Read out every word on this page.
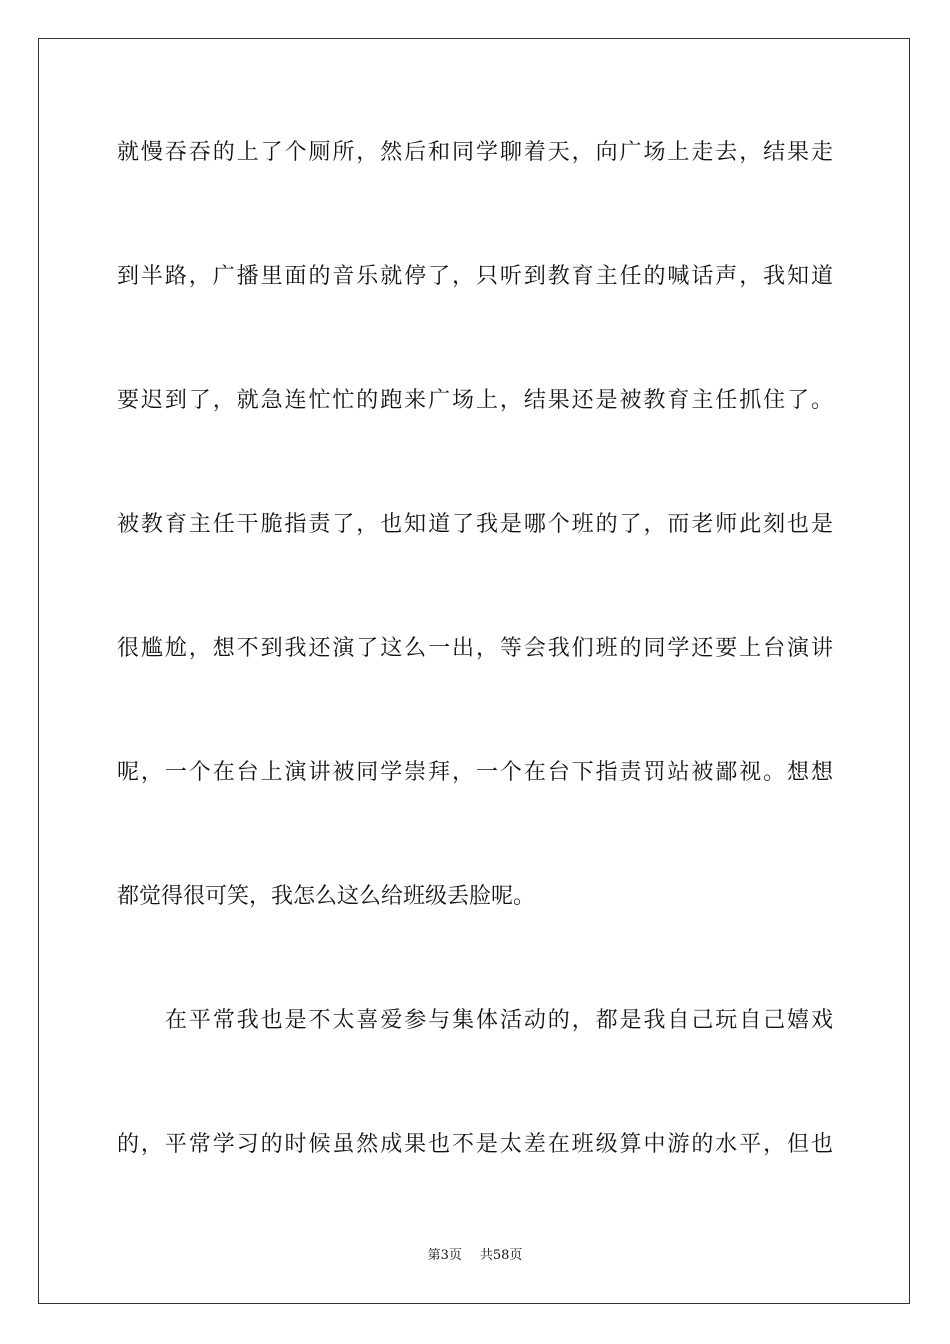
就慢吞吞的上了个厕所，然后和同学聊着天，向广场上走去，结果走
到半路，广播里面的音乐就停了，只听到教育主任的喊话声，我知道
要迟到了，就急连忙忙的跑来广场上，结果还是被教育主任抓住了。
被教育主任干脆指责了，也知道了我是哪个班的了，而老师此刻也是
很尴尬，想不到我还演了这么一出，等会我们班的同学还要上台演讲
呢，一个在台上演讲被同学崇拜，一个在台下指责罚站被鄙视。想想
都觉得很可笑，我怎么这么给班级丢脸呢。
在平常我也是不太喜爱参与集体活动的，都是我自己玩自己嬉戏
的，平常学习的时候虽然成果也不是太差在班级算中游的水平，但也
第3页 共58页
